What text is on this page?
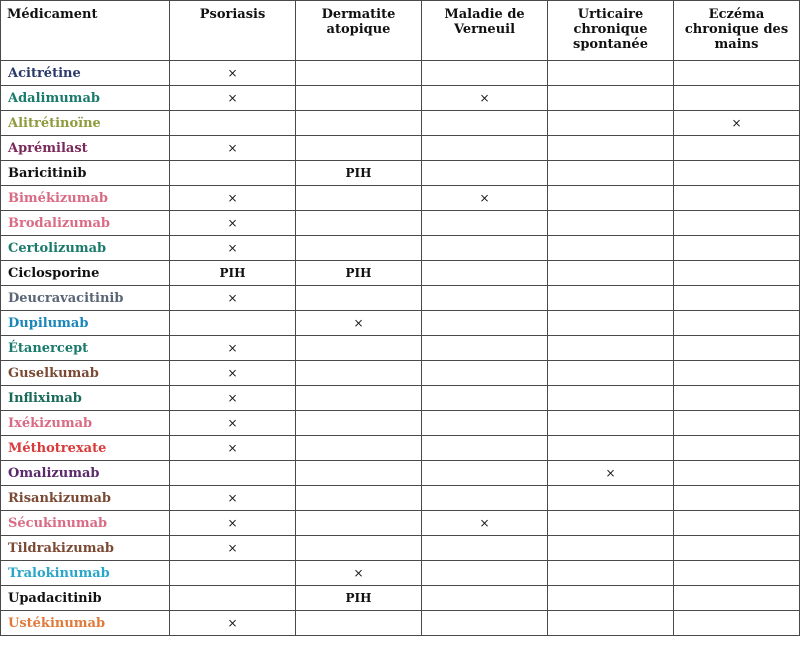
Médicament	Psoriasis	Dermatite atopique	Maladie de Verneuil	Urticaire chronique spontanée	Eczéma chronique des mains
Acitrétine	×				
Adalimumab	×		×		
Alitrétinoïne					×
Aprémilast	×				
Baricitinib		PIH			
Bimékizumab	×		×		
Brodalizumab	×				
Certolizumab	×				
Ciclosporine	PIH	PIH			
Deucravacitinib	×				
Dupilumab		×			
Étanercept	×				
Guselkumab	×				
Infliximab	×				
Ixékizumab	×				
Méthotrexate	×				
Omalizumab				×	
Risankizumab	×				
Sécukinumab	×		×		
Tildrakizumab	×				
Tralokinumab		×			
Upadacitinib		PIH			
Ustékinumab	×				
